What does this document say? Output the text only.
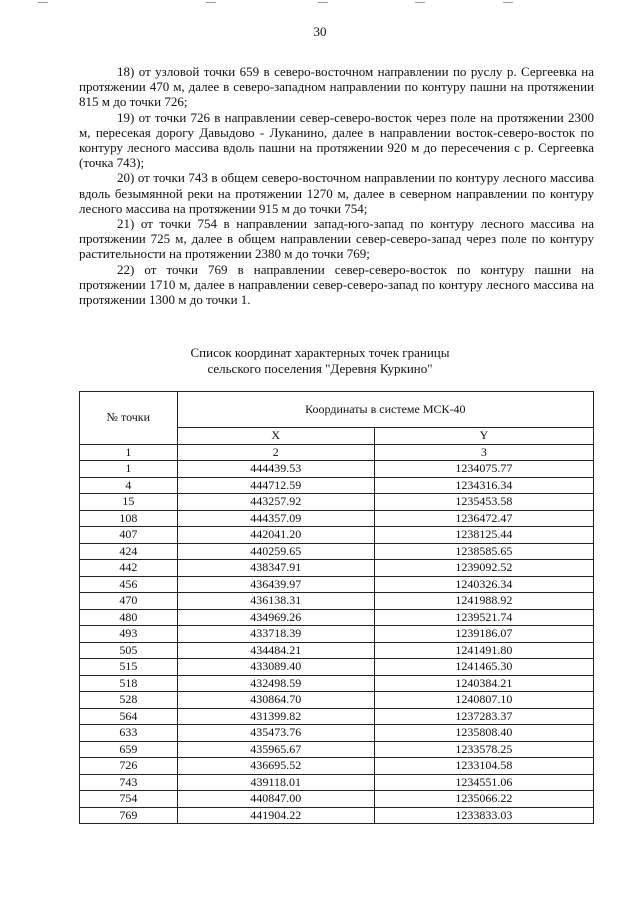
30

18) от узловой точки 659 в северо-восточном направлении по руслу р. Сергеевка на протяжении 470 м, далее в северо-западном направлении по контуру пашни на протяжении 815 м до точки 726;

19) от точки 726 в направлении север-северо-восток через поле на протяжении 2300 м, пересекая дорогу Давыдово - Луканино, далее в направлении восток-северо-восток по контуру лесного массива вдоль пашни на протяжении 920 м до пересечения с р. Сергеевка (точка 743);

20) от точки 743 в общем северо-восточном направлении по контуру лесного массива вдоль безымянной реки на протяжении 1270 м, далее в северном направлении по контуру лесного массива на протяжении 915 м до точки 754;

21) от точки 754 в направлении запад-юго-запад по контуру лесного массива на протяжении 725 м, далее в общем направлении север-северо-запад через поле по контуру растительности на протяжении 2380 м до точки 769;

22) от точки 769 в направлении север-северо-восток по контуру пашни на протяжении 1710 м, далее в направлении север-северо-запад по контуру лесного массива на протяжении 1300 м до точки 1.

Список координат характерных точек границы
сельского поселения "Деревня Куркино"
№ точки	Координаты в системе МСК-40	
	X	Y
1	2	3
1	444439.53	1234075.77
4	444712.59	1234316.34
15	443257.92	1235453.58
108	444357.09	1236472.47
407	442041.20	1238125.44
424	440259.65	1238585.65
442	438347.91	1239092.52
456	436439.97	1240326.34
470	436138.31	1241988.92
480	434969.26	1239521.74
493	433718.39	1239186.07
505	434484.21	1241491.80
515	433089.40	1241465.30
518	432498.59	1240384.21
528	430864.70	1240807.10
564	431399.82	1237283.37
633	435473.76	1235808.40
659	435965.67	1233578.25
726	436695.52	1233104.58
743	439118.01	1234551.06
754	440847.00	1235066.22
769	441904.22	1233833.03
